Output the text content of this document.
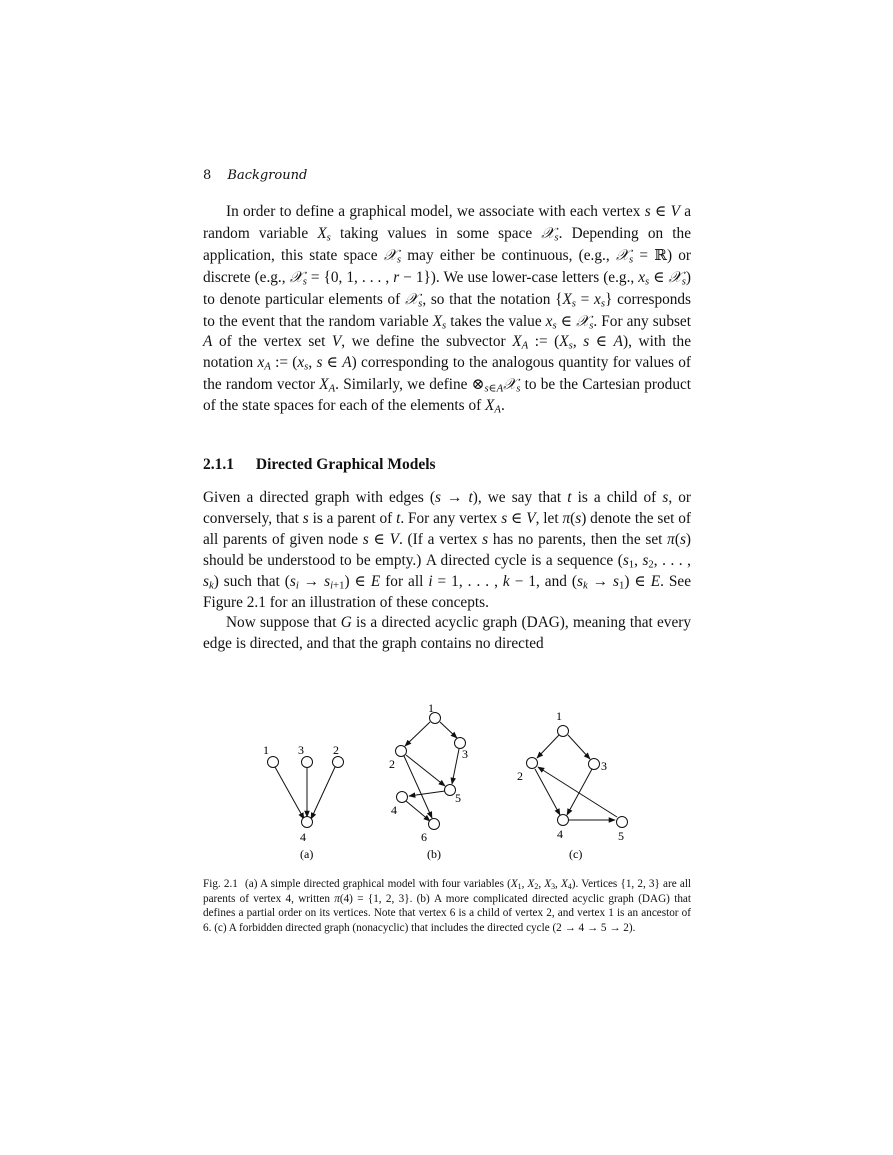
8 Background

In order to define a graphical model, we associate with each vertex s ∈ V a random variable $X_s$ taking values in some space 𝒳$_s$. Depending on the application, this state space 𝒳$_s$ may either be continuous, (e.g., 𝒳$_s$ = ℝ) or discrete (e.g., 𝒳$_s$ = {0, 1, . . . , r − 1}). We use lower-case letters (e.g., $x_s$ ∈ 𝒳$_s$) to denote particular elements of 𝒳$_s$, so that the notation $\{X_s = x_s\}$ corresponds to the event that the random variable $X_s$ takes the value $x_s$ ∈ 𝒳$_s$. For any subset A of the vertex set V, we define the subvector $X_A$ := ($X_s$, s ∈ A), with the notation $x_A$ := ($x_s$, s ∈ A) corresponding to the analogous quantity for values of the random vector $X_A$. Similarly, we define $\otimes_{s\in A}𝒳_s$ to be the Cartesian product of the state spaces for each of the elements of $X_A$.

2.1.1 Directed Graphical Models

Given a directed graph with edges (s → t), we say that t is a child of s, or conversely, that s is a parent of t. For any vertex s ∈ V, let π(s) denote the set of all parents of given node s ∈ V. (If a vertex s has no parents, then the set π(s) should be understood to be empty.) A directed cycle is a sequence ($s_1$, $s_2$, . . . , $s_k$) such that $(s_i \to s_{i+1})$ ∈ E for all i = 1, . . . , k − 1, and $(s_k \to s_1)$ ∈ E. See Figure 2.1 for an illustration of these concepts.

Now suppose that G is a directed acyclic graph (DAG), meaning that every edge is directed, and that the graph contains no directed

1 3 2
4
(a)
1
2
3
5
4
6
(b)
1
2
3
4	5
(c)
Fig. 2.1 (a) A simple directed graphical model with four variables ($X_1$, $X_2$, $X_3$, $X_4$). Vertices {1, 2, 3} are all parents of vertex 4, written π(4) = {1, 2, 3}. (b) A more complicated directed acyclic graph (DAG) that defines a partial order on its vertices. Note that vertex 6 is a child of vertex 2, and vertex 1 is an ancestor of 6. (c) A forbidden directed graph (nonacyclic) that includes the directed cycle (2 → 4 → 5 → 2).
